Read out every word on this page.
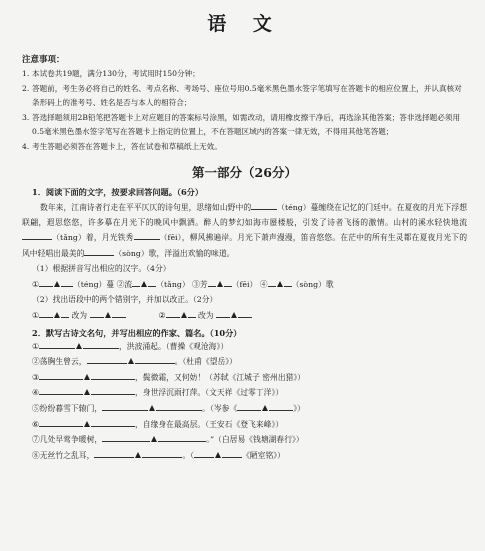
语 文
注意事项：
1. 本试卷共19题，满分130分，考试用时150分钟；
2. 答题前，考生务必将自己的姓名、考点名称、考场号、座位号用0.5毫米黑色墨水签字笔填写在答题卡的相应位置上，并认真核对条形码上的准考号、姓名是否与本人的相符合；
3. 答选择题须用2B铅笔把答题卡上对应题目的答案标号涂黑，如需改动，请用橡皮擦干净后，再选涂其他答案；答非选择题必须用0.5毫米黑色墨水签字笔写在答题卡上指定的位置上，不在答题区域内的答案一律无效，不得用其他笔答题；
4. 考生答题必须答在答题卡上，答在试卷和草稿纸上无效。
第一部分（26分）
1．阅读下面的文字，按要求回答问题。（6分）
数年来，江南诗者行走在平平仄仄的诗句里，思绪如山野中的	（téng）蔓缠绕在记忆的门廷中。在夏夜的月光下浮想联翩，遐思悠悠，许多摹在月光下的晚风中飘洒。醉人的梦幻如海市蜃楼般，引发了诗者飞扬的激情。山村的溪水轻快地流（tǎng）着，月光铁秀	（fēi），柳风拂遍岸。月光下萧声漫漫，笛音悠悠。在茫中的所有生灵都在夏夜月光下的风中轻唱出最美的	（sòng）歌，洋溢出欢愉的味道。
（1）根据拼音写出相应的汉字。（4分）
①	（téng）蔓 ②流	（tǎng） ③芳	（fēi） ④	（sòng）歌
（2）找出语段中的两个错别字，并加以改正。（2分）
①	改为	②	改为
2．默写古诗文名句，并写出相应的作家、篇名。（10分）
①	，洪波涌起。（曹操《观沧海》）
②荡胸生曾云，	。（杜甫《望岳》）
③	，鬓微霜，又何妨！（苏轼《江城子 密州出猎》）
④	，身世浮沉雨打萍。（文天祥《过零丁洋》）
⑤纷纷暮雪下辕门，	。（岑参《	》）
⑥	，自缘身在最高层。（王安石《登飞来峰》）
⑦几处早莺争暖树，	。”（白居易《钱塘湖春行》）
⑧无丝竹之乱耳，	。（	《陋室铭》）
